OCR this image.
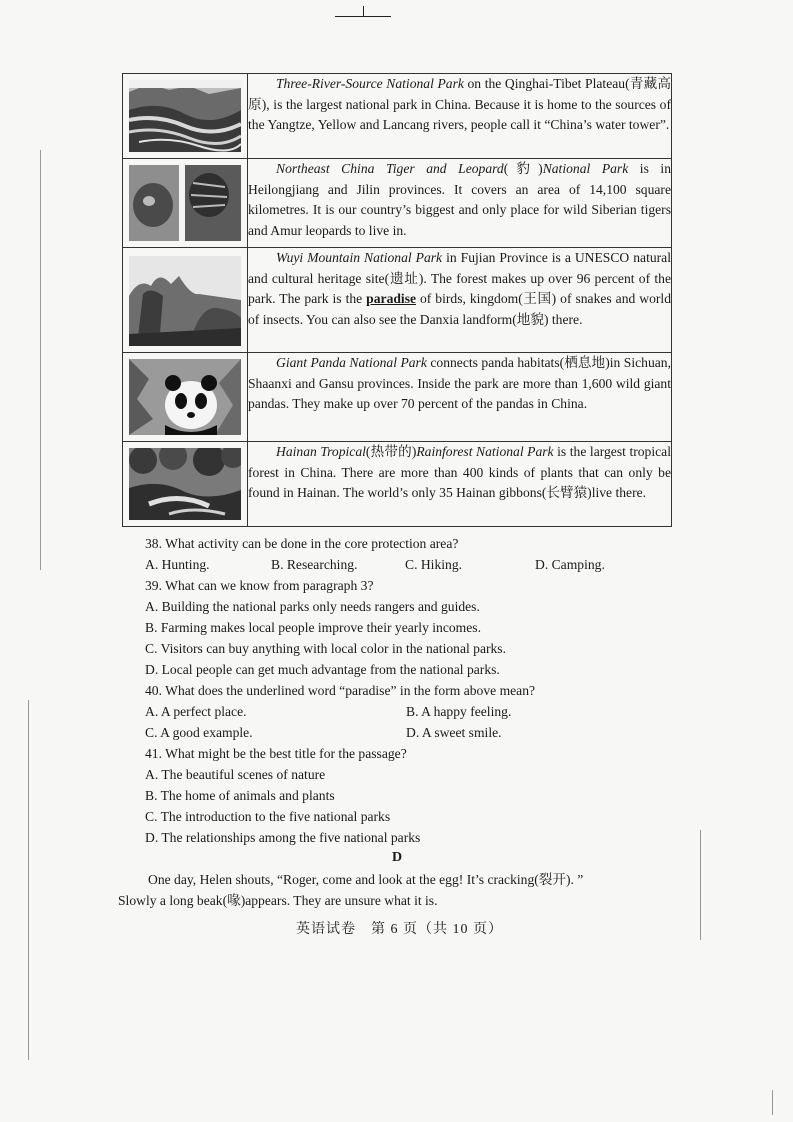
	Three-River-Source National Park on the Qinghai-Tibet Plateau(青藏高原), is the largest national park in China. Because it is home to the sources of the Yangtze, Yellow and Lancang rivers, people call it “China’s water tower”.

	Northeast China Tiger and Leopard(豹)National Park is in Heilongjiang and Jilin provinces. It covers an area of 14,100 square kilometres. It is our country’s biggest and only place for wild Siberian tigers and Amur leopards to live in.

	Wuyi Mountain National Park in Fujian Province is a UNESCO natural and cultural heritage site(遗址). The forest makes up over 96 percent of the park. The park is the paradise of birds, kingdom(王国) of snakes and world of insects. You can also see the Danxia landform(地貌) there.

	Giant Panda National Park connects panda habitats(栖息地)in Sichuan, Shaanxi and Gansu provinces. Inside the park are more than 1,600 wild giant pandas. They make up over 70 percent of the pandas in China.

	Hainan Tropical(热带的)Rainforest National Park is the largest tropical forest in China. There are more than 400 kinds of plants that can only be found in Hainan. The world’s only 35 Hainan gibbons(长臂猿)live there.
38. What activity can be done in the core protection area?
A. Hunting.	B. Researching.	C. Hiking.	D. Camping.
39. What can we know from paragraph 3?
A. Building the national parks only needs rangers and guides.
B. Farming makes local people improve their yearly incomes.
C. Visitors can buy anything with local color in the national parks.
D. Local people can get much advantage from the national parks.
40. What does the underlined word “paradise” in the form above mean?
A. A perfect place.	B. A happy feeling.
C. A good example.	D. A sweet smile.
41. What might be the best title for the passage?
A. The beautiful scenes of nature
B. The home of animals and plants
C. The introduction to the five national parks
D. The relationships among the five national parks
D
One day, Helen shouts, “Roger, come and look at the egg! It’s cracking(裂开). ”
Slowly a long beak(喙)appears. They are unsure what it is.
英语试卷　第 6 页（共 10 页）
